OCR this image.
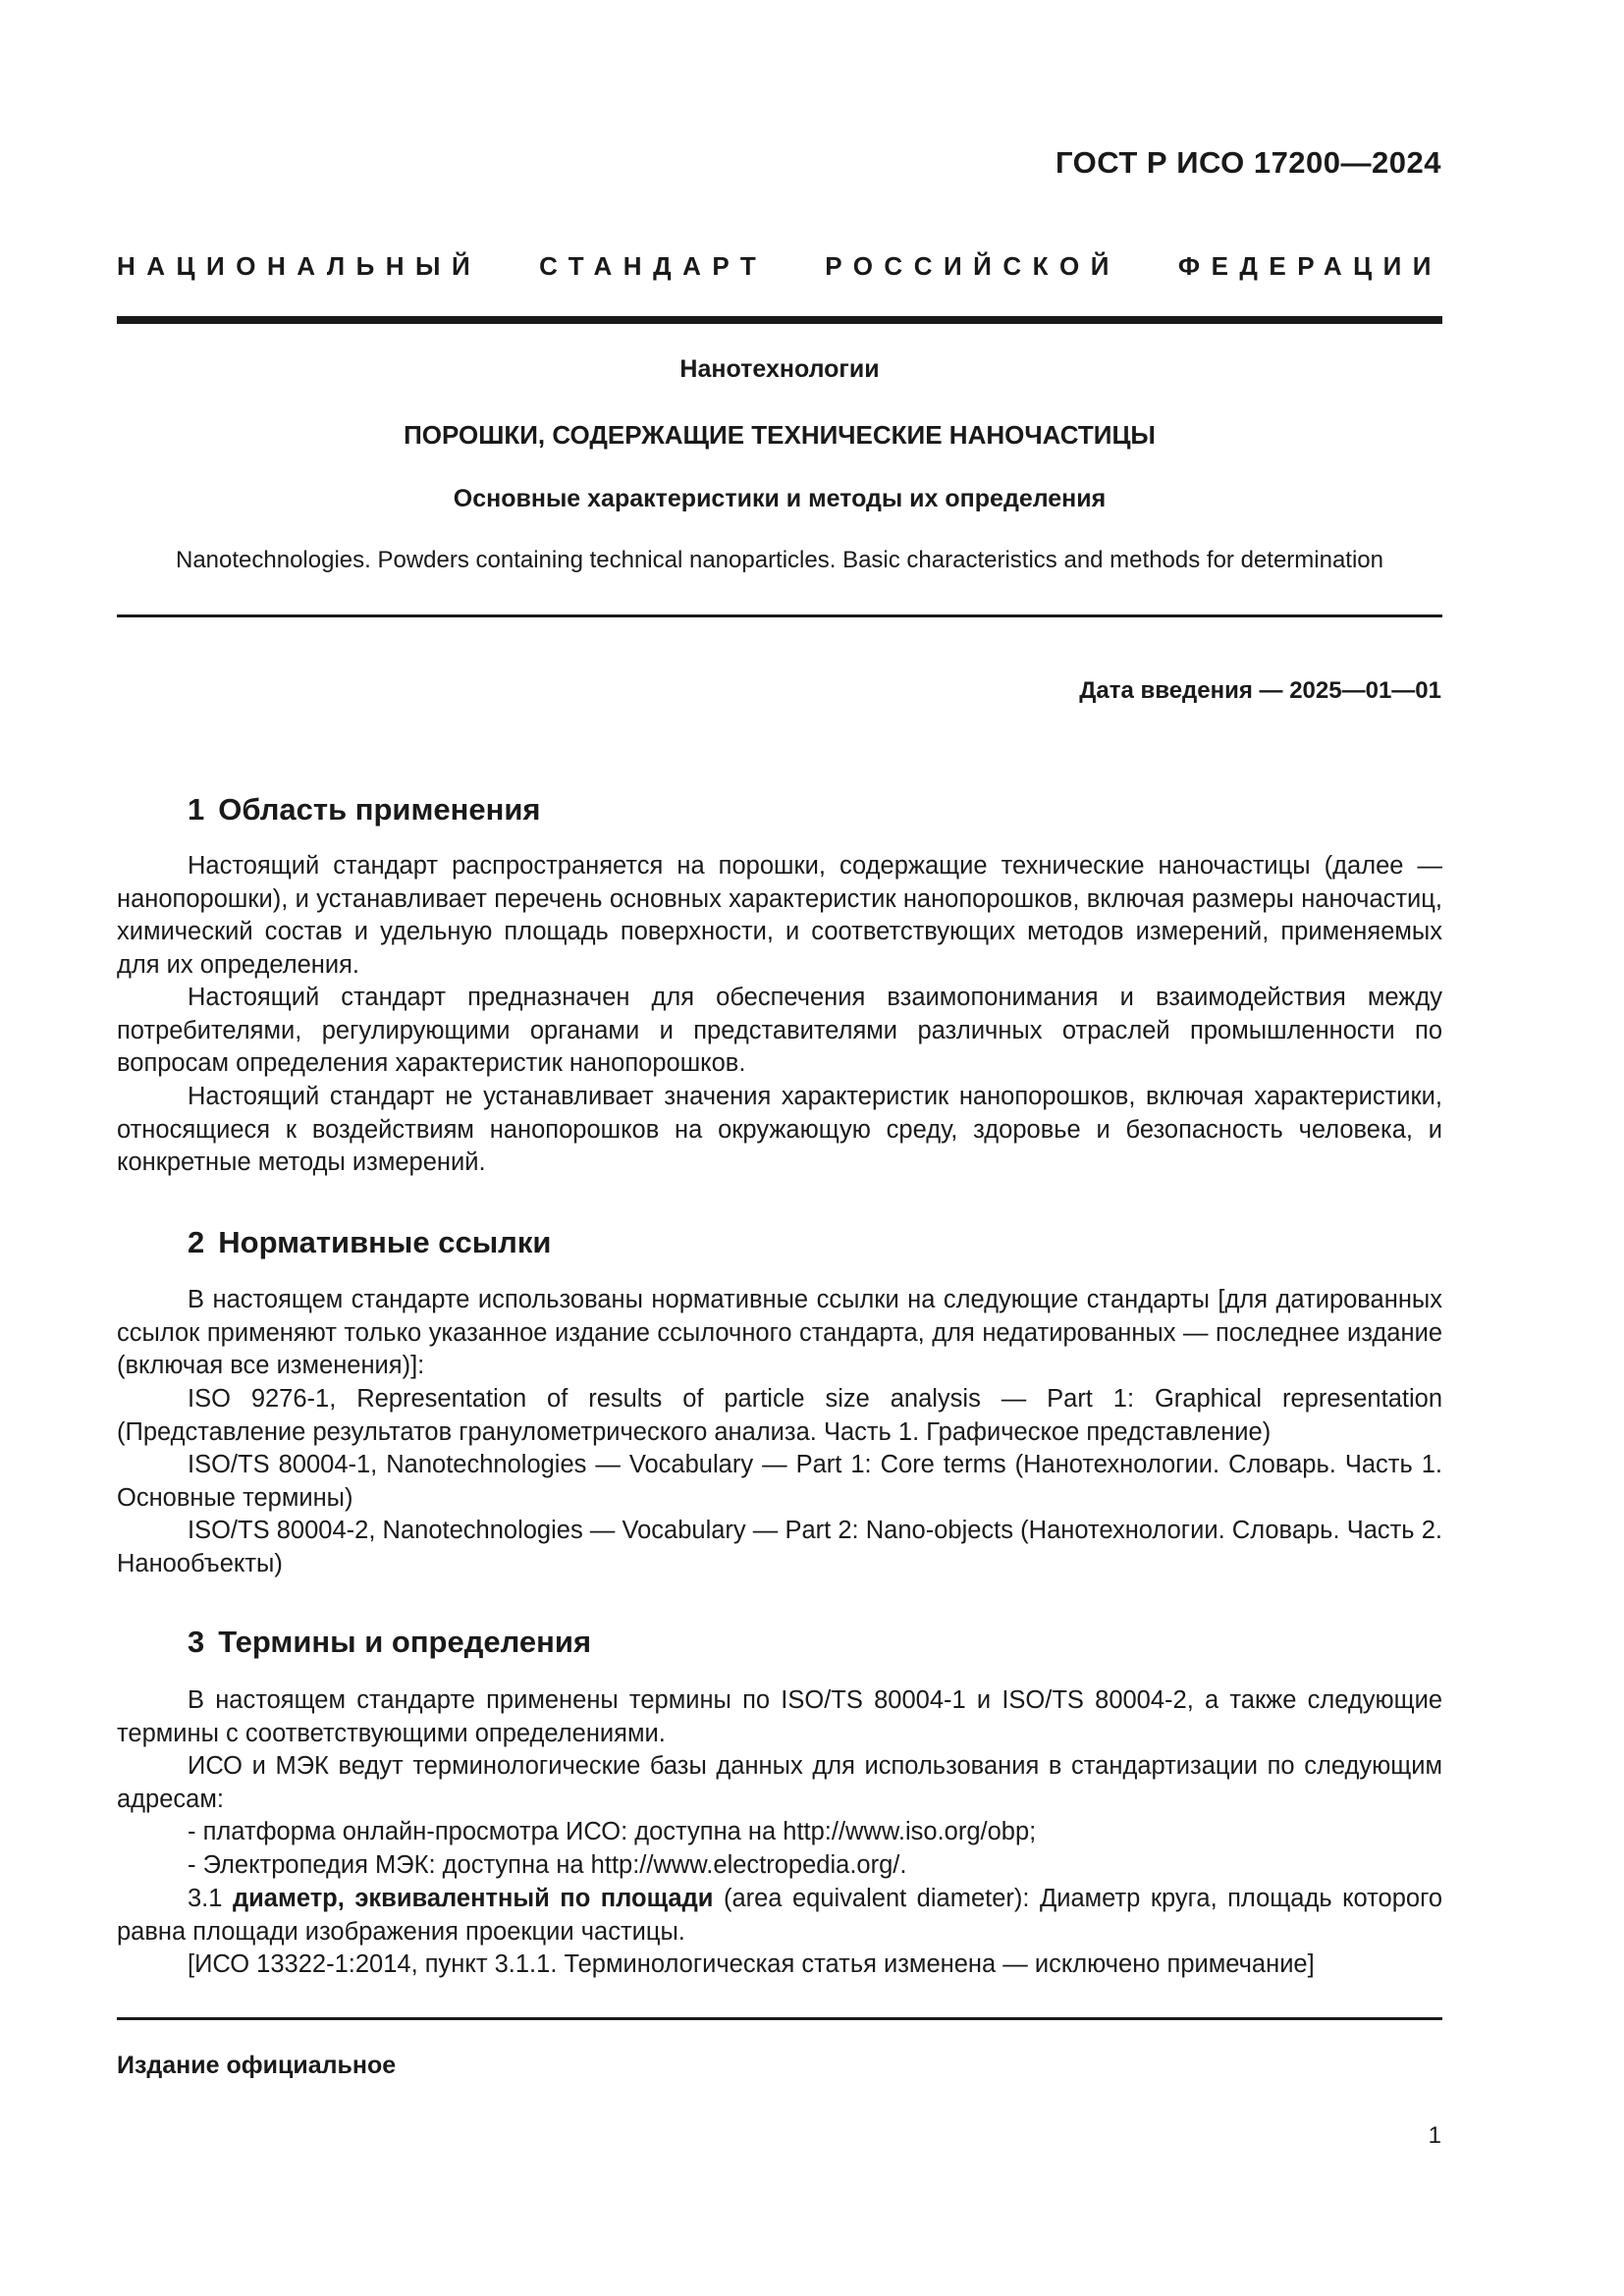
ГОСТ Р ИСО 17200—2024
НАЦИОНАЛЬНЫЙ СТАНДАРТ РОССИЙСКОЙ ФЕДЕРАЦИИ
Нанотехнологии
ПОРОШКИ, СОДЕРЖАЩИЕ ТЕХНИЧЕСКИЕ НАНОЧАСТИЦЫ
Основные характеристики и методы их определения
Nanotechnologies. Powders containing technical nanoparticles. Basic characteristics and methods for determination
Дата введения — 2025—01—01
1 Область применения

Настоящий стандарт распространяется на порошки, содержащие технические наночастицы (далее — нанопорошки), и устанавливает перечень основных характеристик нанопорошков, включая размеры наночастиц, химический состав и удельную площадь поверхности, и соответствующих методов измерений, применяемых для их определения.

Настоящий стандарт предназначен для обеспечения взаимопонимания и взаимодействия между потребителями, регулирующими органами и представителями различных отраслей промышленности по вопросам определения характеристик нанопорошков.

Настоящий стандарт не устанавливает значения характеристик нанопорошков, включая характеристики, относящиеся к воздействиям нанопорошков на окружающую среду, здоровье и безопасность человека, и конкретные методы измерений.

2 Нормативные ссылки

В настоящем стандарте использованы нормативные ссылки на следующие стандарты [для датированных ссылок применяют только указанное издание ссылочного стандарта, для недатированных — последнее издание (включая все изменения)]:

ISO 9276-1, Representation of results of particle size analysis — Part 1: Graphical representation (Представление результатов гранулометрического анализа. Часть 1. Графическое представление)

ISO/TS 80004-1, Nanotechnologies — Vocabulary — Part 1: Core terms (Нанотехнологии. Словарь. Часть 1. Основные термины)

ISO/TS 80004-2, Nanotechnologies — Vocabulary — Part 2: Nano-objects (Нанотехнологии. Словарь. Часть 2. Нанообъекты)

3 Термины и определения

В настоящем стандарте применены термины по ISO/TS 80004-1 и ISO/TS 80004-2, а также следующие термины с соответствующими определениями.

ИСО и МЭК ведут терминологические базы данных для использования в стандартизации по следующим адресам:

- платформа онлайн-просмотра ИСО: доступна на http://www.iso.org/obp;
- Электропедия МЭК: доступна на http://www.electropedia.org/.

3.1 диаметр, эквивалентный по площади (area equivalent diameter): Диаметр круга, площадь которого равна площади изображения проекции частицы.

[ИСО 13322-1:2014, пункт 3.1.1. Терминологическая статья изменена — исключено примечание]

Издание официальное
1
